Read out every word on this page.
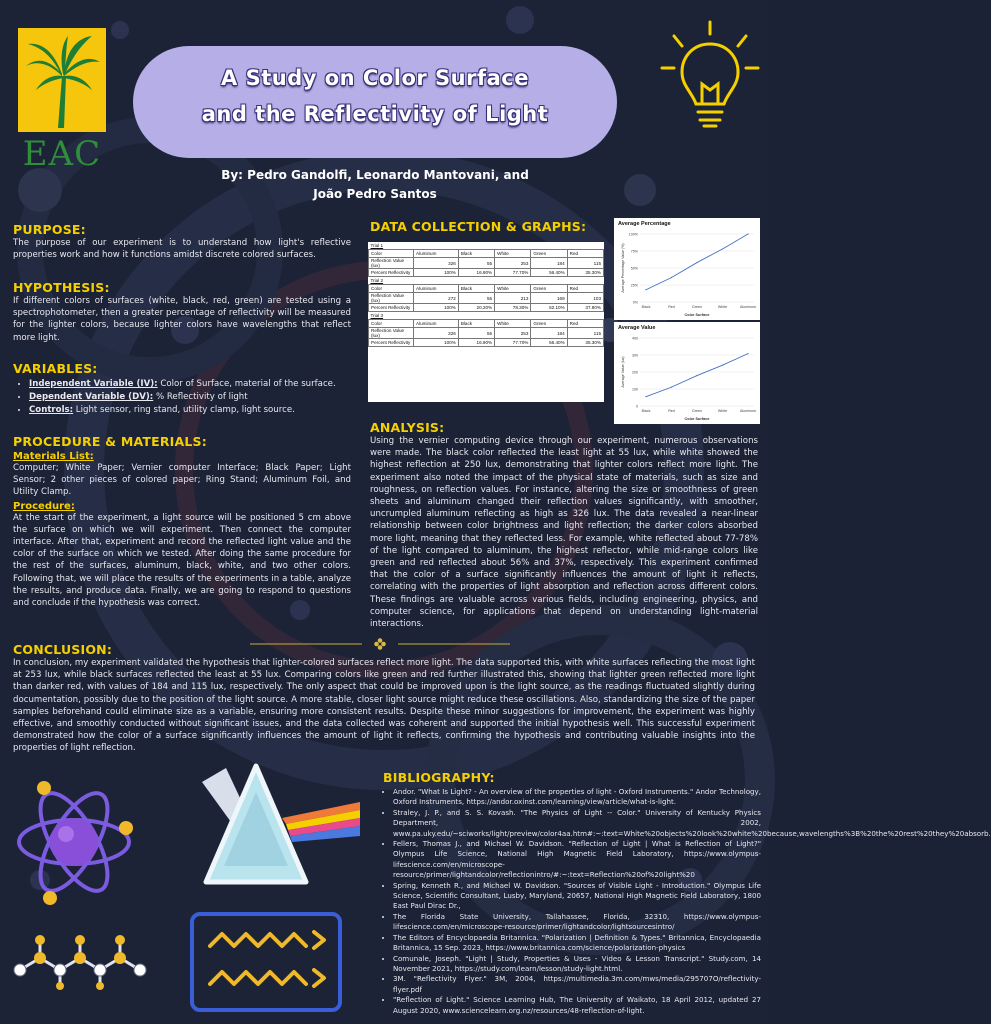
EAC
A Study on Color Surface
and the Reflectivity of Light
By: Pedro Gandolfi, Leonardo Mantovani, and
João Pedro Santos
PURPOSE:

The purpose of our experiment is to understand how light's reflective properties work and how it functions amidst discrete colored surfaces.

HYPOTHESIS:

If different colors of surfaces (white, black, red, green) are tested using a spectrophotometer, then a greater percentage of reflectivity will be measured for the lighter colors, because lighter colors have wavelengths that reflect more light.

VARIABLES:
• Independent Variable (IV): Color of Surface, material of the surface.
• Dependent Variable (DV): % Reflectivity of light
• Controls: Light sensor, ring stand, utility clamp, light source.
PROCEDURE & MATERIALS:
Materials List:

Computer; White Paper; Vernier computer Interface; Black Paper; Light Sensor; 2 other pieces of colored paper; Ring Stand; Aluminum Foil, and Utility Clamp.

Procedure:

At the start of the experiment, a light source will be positioned 5 cm above the surface on which we will experiment. Then connect the computer interface. After that, experiment and record the reflected light value and the color of the surface on which we tested. After doing the same procedure for the rest of the surfaces, aluminum, black, white, and two other colors. Following that, we will place the results of the experiments in a table, analyze the results, and produce data. Finally, we are going to respond to questions and conclude if the hypothesis was correct.

DATA COLLECTION & GRAPHS:
Trial 1					
Color	Aluminum	Black	White	Green	Red
Reflection Value (lux)	326	55	253	184	115
Percent Reflectivity	100%	16.90%	77.70%	56.40%	35.30%
Trial 2					
Color	Aluminum	Black	White	Green	Red
Reflection Value (lux)	272	55	213	169	103
Percent Reflectivity	100%	20.20%	78.30%	62.10%	37.90%
Trial 3					
Color	Aluminum	Black	White	Green	Red
Reflection Value (lux)	326	55	253	184	115
Percent Reflectivity	100%	16.90%	77.70%	56.40%	35.30%
Average Percentage
0%
25%
50%
75%
100%
Black	Red	Green	White	Aluminum
Color Surface
Average Percentage Value (%)
Average Value
0
100
200
300
400
Black	Red	Green	White	Aluminum
Color Surface
Average Value (lux)
ANALYSIS:

Using the vernier computing device through our experiment, numerous observations were made. The black color reflected the least light at 55 lux, while white showed the highest reflection at 250 lux, demonstrating that lighter colors reflect more light. The experiment also noted the impact of the physical state of materials, such as size and roughness, on reflection values. For instance, altering the size or smoothness of green sheets and aluminum changed their reflection values significantly, with smoother, uncrumpled aluminum reflecting as high as 326 lux. The data revealed a near-linear relationship between color brightness and light reflection; the darker colors absorbed more light, meaning that they reflected less. For example, white reflected about 77-78% of the light compared to aluminum, the highest reflector, while mid-range colors like green and red reflected about 56% and 37%, respectively. This experiment confirmed that the color of a surface significantly influences the amount of light it reflects, correlating with the properties of light absorption and reflection across different colors. These findings are valuable across various fields, including engineering, physics, and computer science, for applications that depend on understanding light-material interactions.

CONCLUSION:

In conclusion, my experiment validated the hypothesis that lighter-colored surfaces reflect more light. The data supported this, with white surfaces reflecting the most light at 253 lux, while black surfaces reflected the least at 55 lux. Comparing colors like green and red further illustrated this, showing that lighter green reflected more light than darker red, with values of 184 and 115 lux, respectively. The only aspect that could be improved upon is the light source, as the readings fluctuated slightly during documentation, possibly due to the position of the light source. A more stable, closer light source might reduce these oscillations. Also, standardizing the size of the paper samples beforehand could eliminate size as a variable, ensuring more consistent results. Despite these minor suggestions for improvement, the experiment was highly effective, and smoothly conducted without significant issues, and the data collected was coherent and supported the initial hypothesis well. This successful experiment demonstrated how the color of a surface significantly influences the amount of light it reflects, confirming the hypothesis and contributing valuable insights into the properties of light reflection.

BIBLIOGRAPHY:
• Andor. "What Is Light? - An overview of the properties of light - Oxford Instruments." Andor Technology, Oxford Instruments, https://andor.oxinst.com/learning/view/article/what-is-light.
• Straley, J. P., and S. S. Kovash. "The Physics of Light -- Color." University of Kentucky Physics Department, 2002, www.pa.uky.edu/~sciworks/light/preview/color4aa.htm#:~:text=White%20objects%20look%20white%20because,wavelengths%3B%20the%20rest%20they%20absorb.
• Fellers, Thomas J., and Michael W. Davidson. "Reflection of Light | What is Reflection of Light?" Olympus Life Science, National High Magnetic Field Laboratory, https://www.olympus-lifescience.com/en/microscope-resource/primer/lightandcolor/reflectionintro/#:~:text=Reflection%20of%20light%20
• Spring, Kenneth R., and Michael W. Davidson. "Sources of Visible Light - Introduction." Olympus Life Science, Scientific Consultant, Lusby, Maryland, 20657, National High Magnetic Field Laboratory, 1800 East Paul Dirac Dr.,
• The Florida State University, Tallahassee, Florida, 32310, https://www.olympus-lifescience.com/en/microscope-resource/primer/lightandcolor/lightsourcesintro/
• The Editors of Encyclopaedia Britannica. "Polarization | Definition & Types." Britannica, Encyclopaedia Britannica, 15 Sep. 2023, https://www.britannica.com/science/polarization-physics
• Comunale, Joseph. "Light | Study, Properties & Uses - Video & Lesson Transcript." Study.com, 14 November 2021, https://study.com/learn/lesson/study-light.html.
• 3M. "Reflectivity Flyer." 3M, 2004, https://multimedia.3m.com/mws/media/295707O/reflectivity-flyer.pdf
• "Reflection of Light." Science Learning Hub, The University of Waikato, 18 April 2012, updated 27 August 2020, www.sciencelearn.org.nz/resources/48-reflection-of-light.
